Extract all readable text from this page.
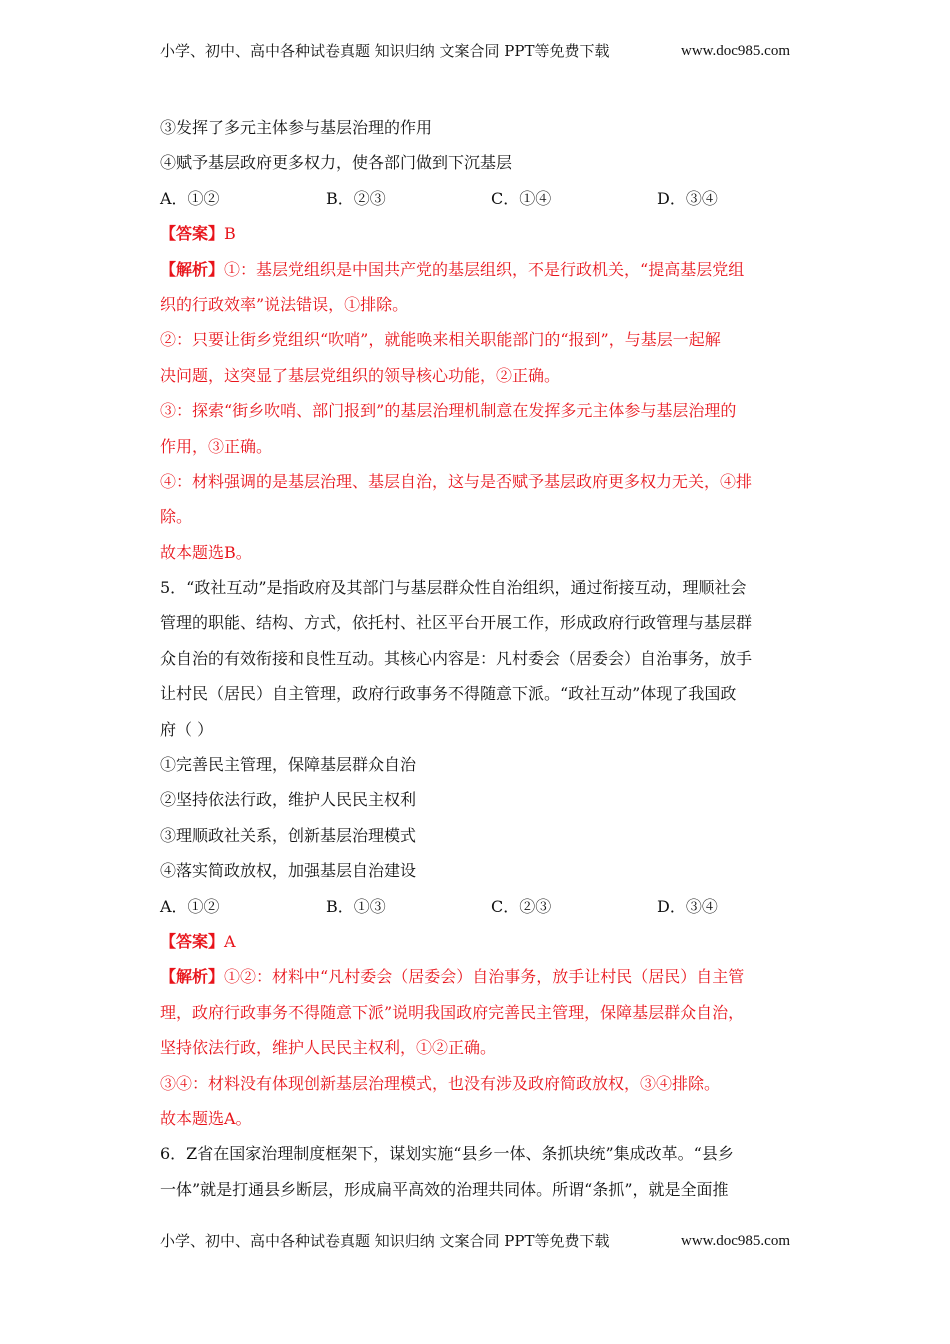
小学、初中、高中各种试卷真题 知识归纳 文案合同 PPT等免费下载	www.doc985.com
③发挥了多元主体参与基层治理的作用
④赋予基层政府更多权力，使各部门做到下沉基层
A．①②	B．②③	C．①④	D．③④
【答案】B
【解析】①：基层党组织是中国共产党的基层组织，不是行政机关，“提高基层党组
织的行政效率”说法错误，①排除。
②：只要让街乡党组织“吹哨”，就能唤来相关职能部门的“报到”，与基层一起解
决问题，这突显了基层党组织的领导核心功能，②正确。
③：探索“街乡吹哨、部门报到”的基层治理机制意在发挥多元主体参与基层治理的
作用，③正确。
④：材料强调的是基层治理、基层自治，这与是否赋予基层政府更多权力无关，④排
除。
故本题选B。
5．“政社互动”是指政府及其部门与基层群众性自治组织，通过衔接互动，理顺社会
管理的职能、结构、方式，依托村、社区平台开展工作，形成政府行政管理与基层群
众自治的有效衔接和良性互动。其核心内容是：凡村委会（居委会）自治事务，放手
让村民（居民）自主管理，政府行政事务不得随意下派。“政社互动”体现了我国政
府（ ）
①完善民主管理，保障基层群众自治
②坚持依法行政，维护人民民主权利
③理顺政社关系，创新基层治理模式
④落实简政放权，加强基层自治建设
A．①②	B．①③	C．②③	D．③④
【答案】A
【解析】①②：材料中“凡村委会（居委会）自治事务，放手让村民（居民）自主管
理，政府行政事务不得随意下派”说明我国政府完善民主管理，保障基层群众自治，
坚持依法行政，维护人民民主权利，①②正确。
③④：材料没有体现创新基层治理模式，也没有涉及政府简政放权，③④排除。
故本题选A。
6．Z省在国家治理制度框架下，谋划实施“县乡一体、条抓块统”集成改革。“县乡
一体”就是打通县乡断层，形成扁平高效的治理共同体。所谓“条抓”，就是全面推
小学、初中、高中各种试卷真题 知识归纳 文案合同 PPT等免费下载	www.doc985.com
